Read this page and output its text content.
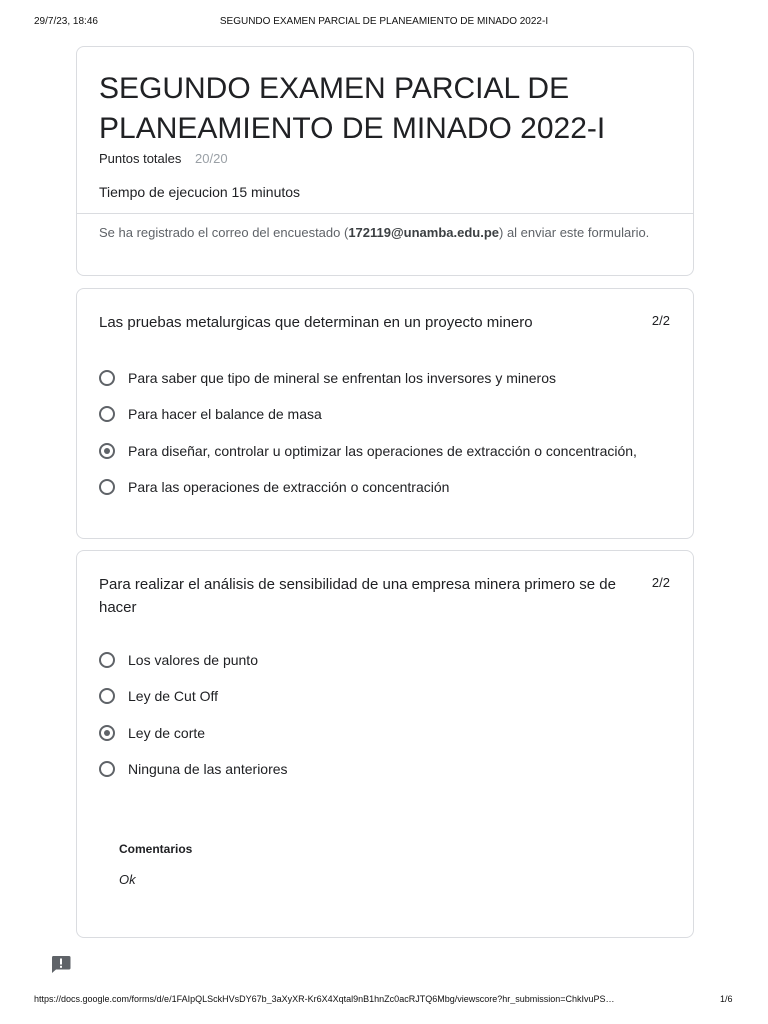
29/7/23, 18:46	SEGUNDO EXAMEN PARCIAL DE PLANEAMIENTO DE MINADO 2022-I
SEGUNDO EXAMEN PARCIAL DE PLANEAMIENTO DE MINADO 2022-I
Puntos totales 20/20
Tiempo de ejecucion 15 minutos
Se ha registrado el correo del encuestado (172119@unamba.edu.pe) al enviar este formulario.
Las pruebas metalurgicas que determinan en un proyecto minero	2/2
Para saber que tipo de mineral se enfrentan los inversores y mineros
Para hacer el balance de masa
Para diseñar, controlar u optimizar las operaciones de extracción o concentración,
Para las operaciones de extracción o concentración
Para realizar el análisis de sensibilidad de una empresa minera primero se de hacer
2/2
Los valores de punto
Ley de Cut Off
Ley de corte
Ninguna de las anteriores
Comentarios
Ok
https://docs.google.com/forms/d/e/1FAIpQLSckHVsDY67b_3aXyXR-Kr6X4Xqtal9nB1hnZc0acRJTQ6Mbg/viewscore?hr_submission=ChkIvuPS…	1/6
